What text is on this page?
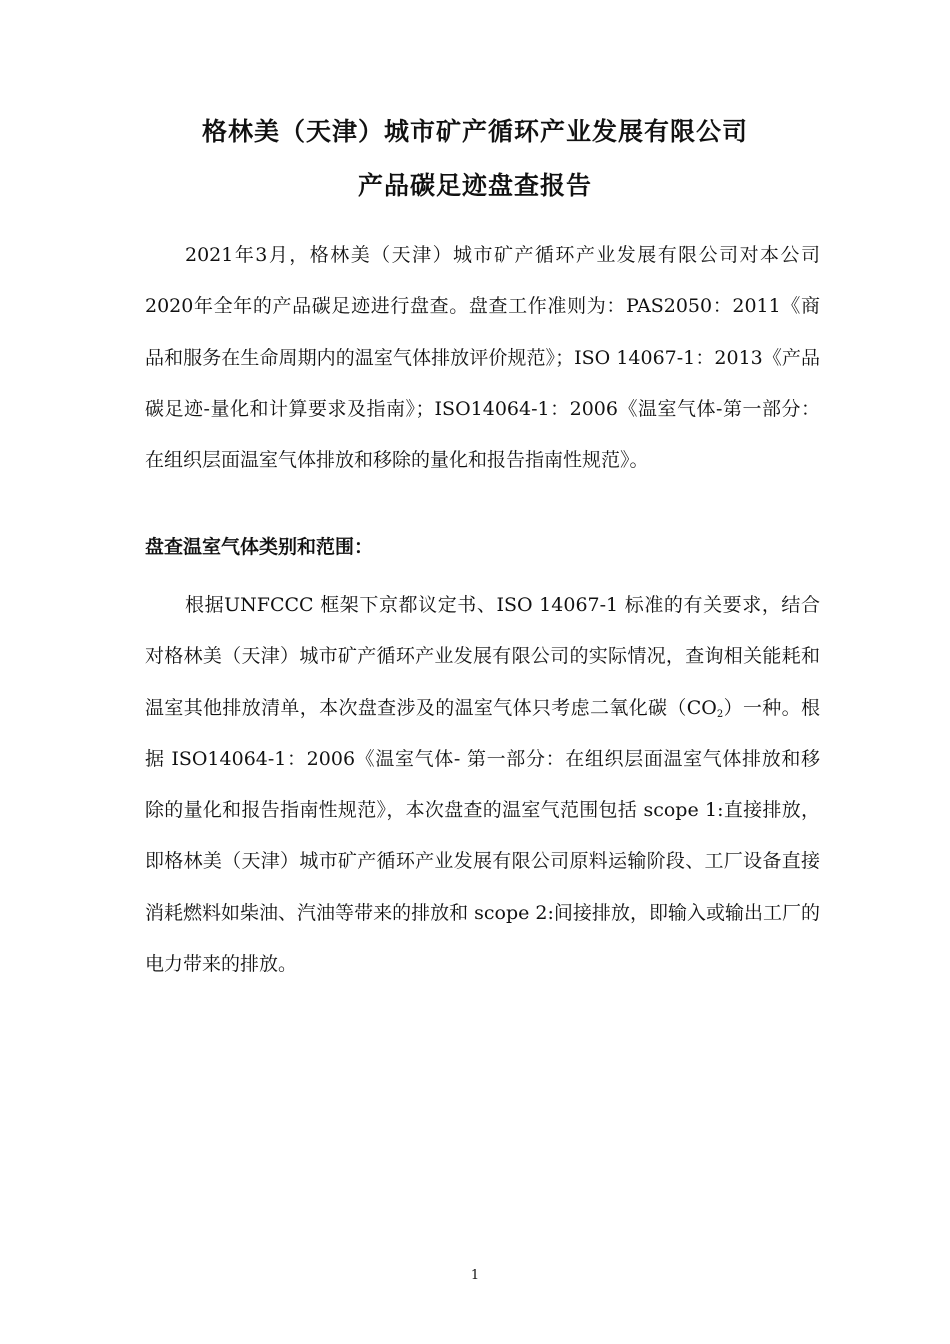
格林美（天津）城市矿产循环产业发展有限公司
产品碳足迹盘查报告

2021年3月，格林美（天津）城市矿产循环产业发展有限公司对本公司2020年全年的产品碳足迹进行盘查。盘查工作准则为：PAS2050：2011《商品和服务在生命周期内的温室气体排放评价规范》；ISO 14067-1：2013《产品碳足迹-量化和计算要求及指南》；ISO14064-1：2006《温室气体-第一部分：在组织层面温室气体排放和移除的量化和报告指南性规范》。

盘查温室气体类别和范围：

根据UNFCCC 框架下京都议定书、ISO 14067-1 标准的有关要求，结合对格林美（天津）城市矿产循环产业发展有限公司的实际情况，查询相关能耗和温室其他排放清单，本次盘查涉及的温室气体只考虑二氧化碳$(CO_2)$一种。根据 ISO14064-1：2006《温室气体- 第一部分：在组织层面温室气体排放和移除的量化和报告指南性规范》，本次盘查的温室气范围包括 scope 1:直接排放，即格林美（天津）城市矿产循环产业发展有限公司原料运输阶段、工厂设备直接消耗燃料如柴油、汽油等带来的排放和 scope 2:间接排放，即输入或输出工厂的电力带来的排放。

1
